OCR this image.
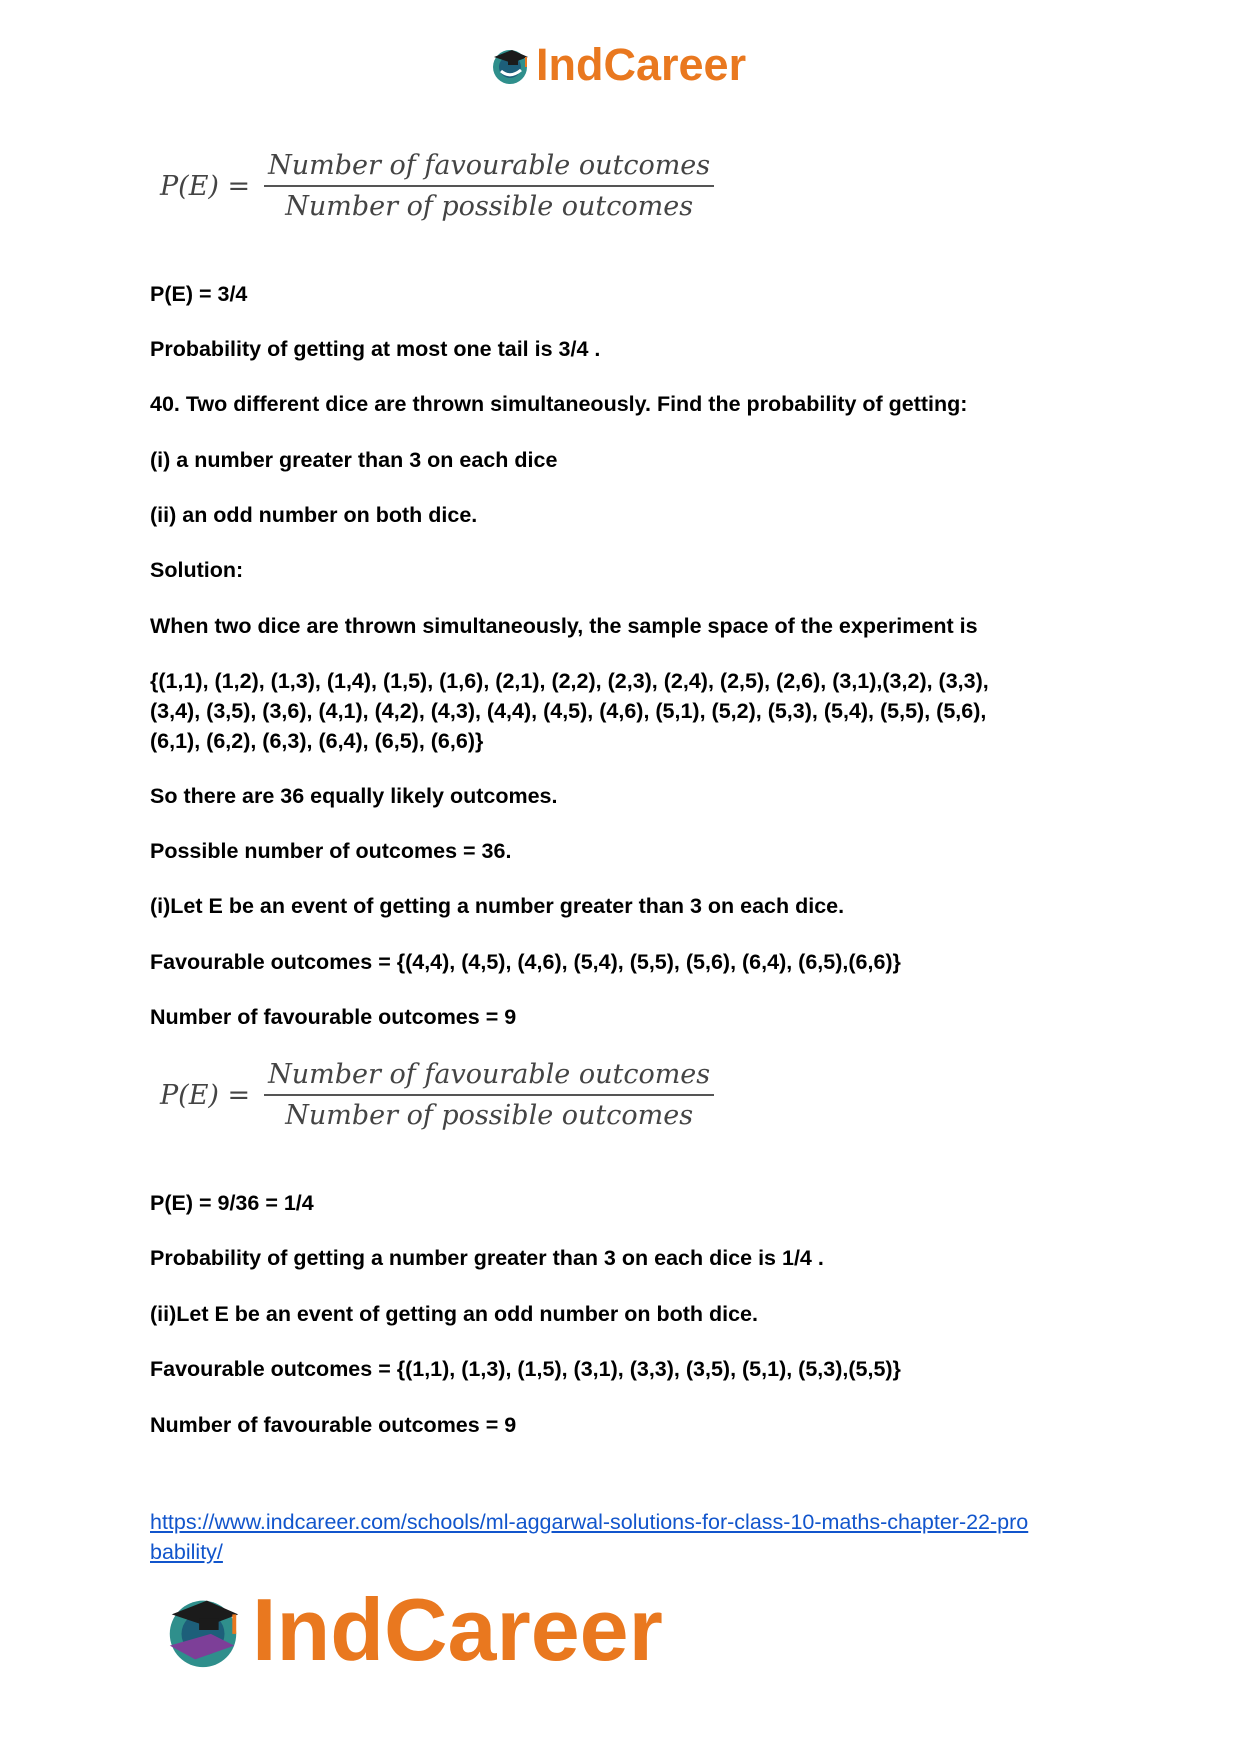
IndCareer
$P(E) = \frac{\text{Number of favourable outcomes}}{\text{Number of possible outcomes}}$
P(E) = 3/4
Probability of getting at most one tail is 3/4 .
40. Two different dice are thrown simultaneously. Find the probability of getting:
(i) a number greater than 3 on each dice
(ii) an odd number on both dice.
Solution:
When two dice are thrown simultaneously, the sample space of the experiment is
{(1,1), (1,2), (1,3), (1,4), (1,5), (1,6), (2,1), (2,2), (2,3), (2,4), (2,5), (2,6), (3,1),(3,2), (3,3),
(3,4), (3,5), (3,6), (4,1), (4,2), (4,3), (4,4), (4,5), (4,6), (5,1), (5,2), (5,3), (5,4), (5,5), (5,6),
(6,1), (6,2), (6,3), (6,4), (6,5), (6,6)}
So there are 36 equally likely outcomes.
Possible number of outcomes = 36.
(i)Let E be an event of getting a number greater than 3 on each dice.
Favourable outcomes = {(4,4), (4,5), (4,6), (5,4), (5,5), (5,6), (6,4), (6,5),(6,6)}
Number of favourable outcomes = 9
$P(E) = \frac{\text{Number of favourable outcomes}}{\text{Number of possible outcomes}}$
P(E) = 9/36 = 1/4
Probability of getting a number greater than 3 on each dice is 1/4 .
(ii)Let E be an event of getting an odd number on both dice.
Favourable outcomes = {(1,1), (1,3), (1,5), (3,1), (3,3), (3,5), (5,1), (5,3),(5,5)}
Number of favourable outcomes = 9
https://www.indcareer.com/schools/ml-aggarwal-solutions-for-class-10-maths-chapter-22-pro
bability/
IndCareer
